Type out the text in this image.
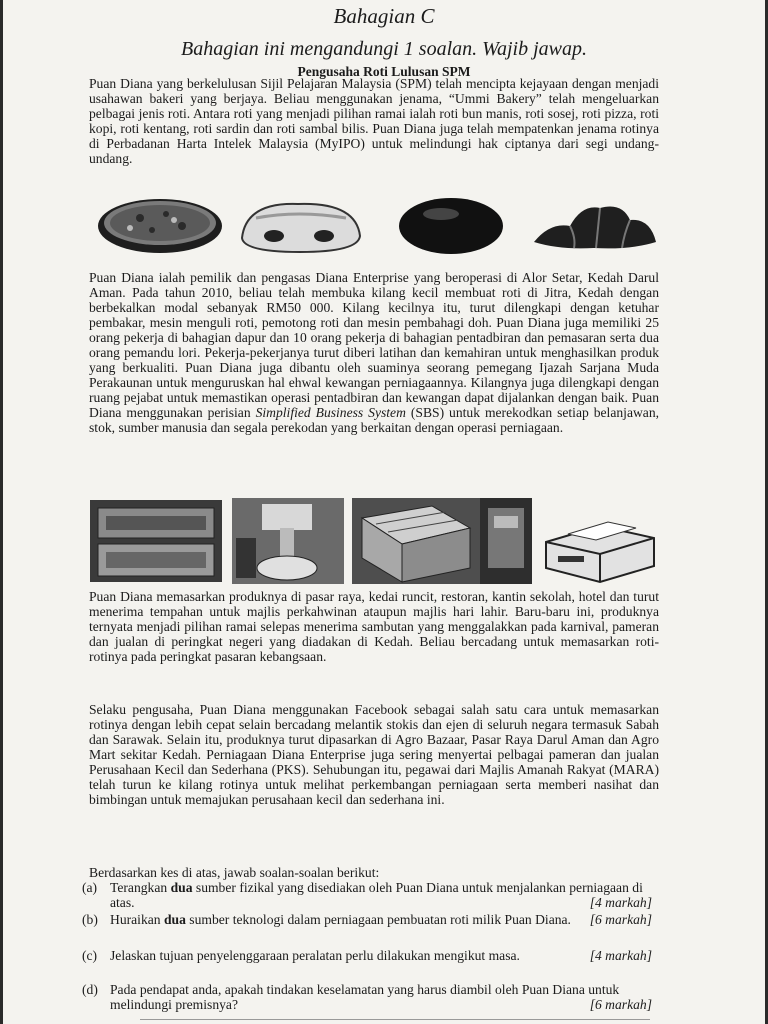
Bahagian C
Bahagian ini mengandungi 1 soalan. Wajib jawap.
Pengusaha Roti Lulusan SPM

Puan Diana yang berkelulusan Sijil Pelajaran Malaysia (SPM) telah mencipta kejayaan dengan menjadi usahawan bakeri yang berjaya. Beliau menggunakan jenama, “Ummi Bakery” telah mengeluarkan pelbagai jenis roti. Antara roti yang menjadi pilihan ramai ialah roti bun manis, roti sosej, roti pizza, roti kopi, roti kentang, roti sardin dan roti sambal bilis. Puan Diana juga telah mempatenkan jenama rotinya di Perbadanan Harta Intelek Malaysia (MyIPO) untuk melindungi hak ciptanya dari segi undang-undang.

Puan Diana ialah pemilik dan pengasas Diana Enterprise yang beroperasi di Alor Setar, Kedah Darul Aman. Pada tahun 2010, beliau telah membuka kilang kecil membuat roti di Jitra, Kedah dengan berbekalkan modal sebanyak RM50 000. Kilang kecilnya itu, turut dilengkapi dengan ketuhar pembakar, mesin menguli roti, pemotong roti dan mesin pembahagi doh. Puan Diana juga memiliki 25 orang pekerja di bahagian dapur dan 10 orang pekerja di bahagian pentadbiran dan pemasaran serta dua orang pemandu lori. Pekerja-pekerjanya turut diberi latihan dan kemahiran untuk menghasilkan produk yang berkualiti. Puan Diana juga dibantu oleh suaminya seorang pemegang Ijazah Sarjana Muda Perakaunan untuk menguruskan hal ehwal kewangan perniagaannya. Kilangnya juga dilengkapi dengan ruang pejabat untuk memastikan operasi pentadbiran dan kewangan dapat dijalankan dengan baik. Puan Diana menggunakan perisian Simplified Business System (SBS) untuk merekodkan setiap belanjawan, stok, sumber manusia dan segala perekodan yang berkaitan dengan operasi perniagaan.

Puan Diana memasarkan produknya di pasar raya, kedai runcit, restoran, kantin sekolah, hotel dan turut menerima tempahan untuk majlis perkahwinan ataupun majlis hari lahir. Baru-baru ini, produknya ternyata menjadi pilihan ramai selepas menerima sambutan yang menggalakkan pada karnival, pameran dan jualan di peringkat negeri yang diadakan di Kedah. Beliau bercadang untuk memasarkan roti-rotinya pada peringkat pasaran kebangsaan.

Selaku pengusaha, Puan Diana menggunakan Facebook sebagai salah satu cara untuk memasarkan rotinya dengan lebih cepat selain bercadang melantik stokis dan ejen di seluruh negara termasuk Sabah dan Sarawak. Selain itu, produknya turut dipasarkan di Agro Bazaar, Pasar Raya Darul Aman dan Agro Mart sekitar Kedah. Perniagaan Diana Enterprise juga sering menyertai pelbagai pameran dan jualan Perusahaan Kecil dan Sederhana (PKS). Sehubungan itu, pegawai dari Majlis Amanah Rakyat (MARA) telah turun ke kilang rotinya untuk melihat perkembangan perniagaan serta memberi nasihat dan bimbingan untuk memajukan perusahaan kecil dan sederhana ini.

Berdasarkan kes di atas, jawab soalan-soalan berikut:
(a) Terangkan dua sumber fizikal yang disediakan oleh Puan Diana untuk menjalankan perniagaan di atas.	[4 markah]
(b) Huraikan dua sumber teknologi dalam perniagaan pembuatan roti milik Puan Diana. [6 markah]
(c) Jelaskan tujuan penyelenggaraan peralatan perlu dilakukan mengikut masa.	[4 markah]
(d) Pada pendapat anda, apakah tindakan keselamatan yang harus diambil oleh Puan Diana untuk melindungi premisnya?	[6 markah]
